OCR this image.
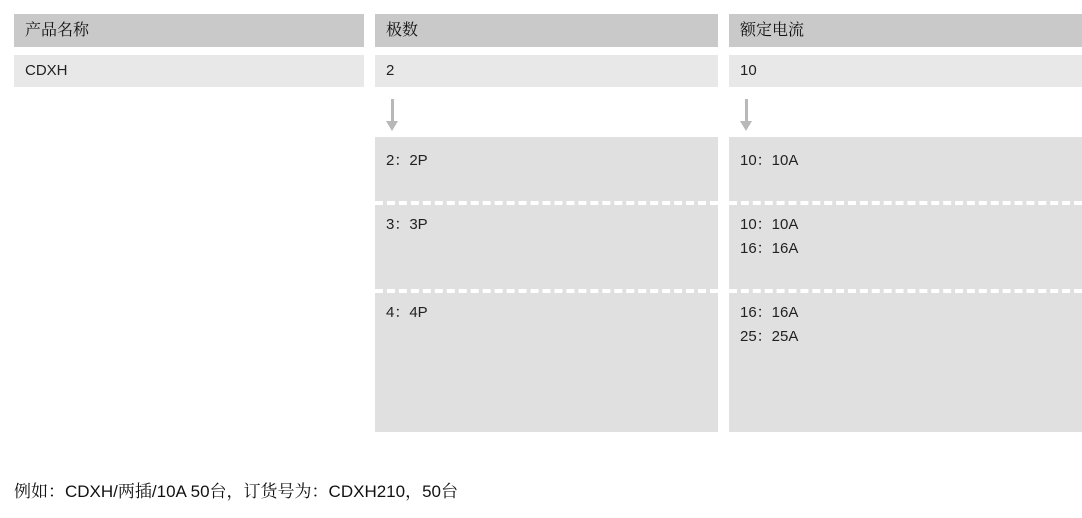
产品名称
CDXH
极数
2
2：2P
3：3P
4：4P
额定电流
10
10：10A
10：10A
16：16A
16：16A
25：25A
例如：CDXH/两插/10A 50台，订货号为：CDXH210，50台
